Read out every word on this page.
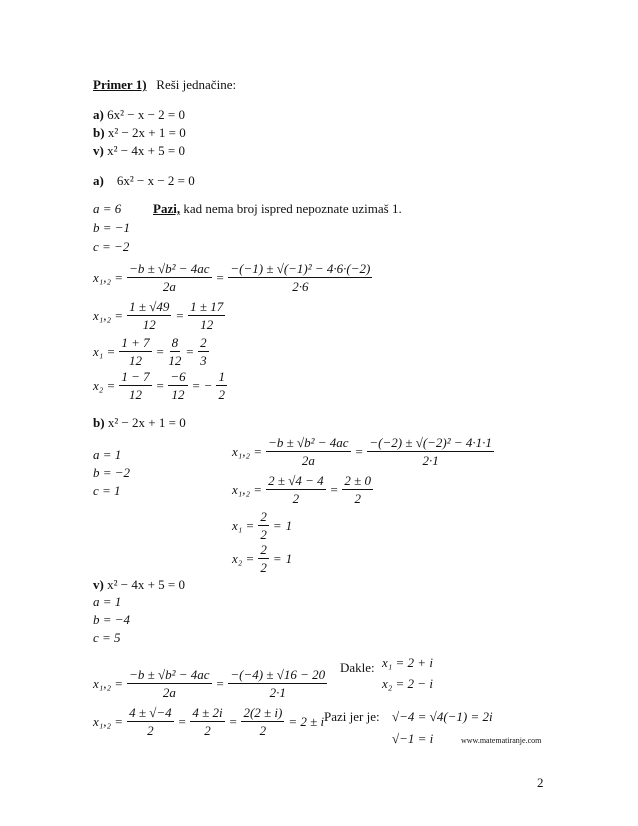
Primer 1) Reši jednačine:
a) 6x² − x − 2 = 0
b) x² − 2x + 1 = 0
v) x² − 4x + 5 = 0
a) 6x² − x − 2 = 0
a = 6 Pazi, kad nema broj ispred nepoznate uzimaš 1.
b = −1
c = −2
$x_1,_2 = \frac{\text{−b ± √b² − 4ac}}{2a} = \frac{\text{−(−1) ± √(−1)² − 4·6·(−2)}}{2\cdot 6}$
$x_1,_2 = \frac{1 \pm √49}{12} = \frac{1 \pm 17}{12}$
$x_1 = \frac{1 + 7}{12} = \frac{8}{12} = \frac{2}{3}$
$x_2 = \frac{1 - 7}{12} = \frac{-6}{12}$ = − $\frac{1}{2}$
b) x² − 2x + 1 = 0
a = 1
b = −2
c = 1
$x_1,_2 = \frac{\text{−b ± √b² − 4ac}}{2a} = \frac{\text{−(−2) ± √(−2)² − 4·1·1}}{2\cdot 1}$
$x_1,_2 = \frac{2 \pm √4 - 4}{2} = \frac{2 \pm 0}{2}$
$x_1 = \frac{2}{2} = 1$
$x_2 = \frac{2}{2} = 1$
v) x² − 4x + 5 = 0
a = 1
b = −4
c = 5
$x_1,_2 = \frac{\text{−b ± √b² − 4ac}}{2a} = \frac{-(-4) \pm √16 - 20}{2\cdot 1}$
$x_1,_2 = \frac{4 \pm √-4}{2} = \frac{4 \pm 2i}{2} = \frac{2(2 \pm i)}{2} = 2 \pm i$
Dakle: x₁ = 2 + i
x₂ = 2 − i
Pazi jer je: √−4 = √4(−1) = 2i
√−1 = i	www.matematiranje.com
2
